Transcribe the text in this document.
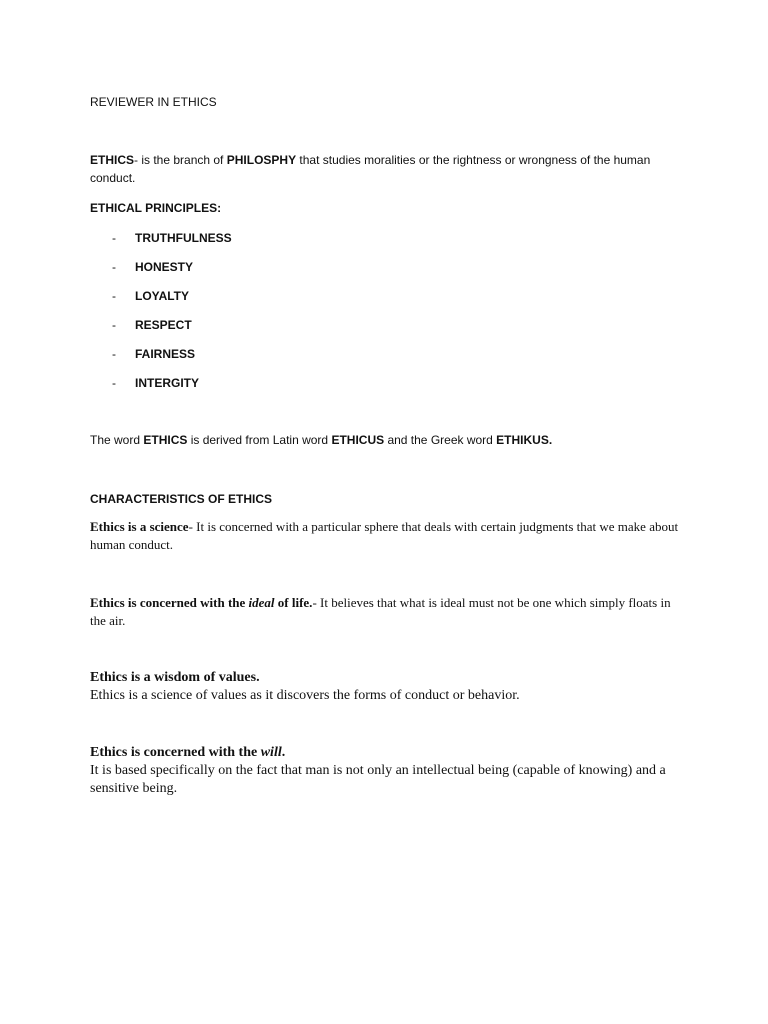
REVIEWER IN ETHICS
ETHICS- is the branch of PHILOSPHY that studies moralities or the rightness or wrongness of the human conduct.
ETHICAL PRINCIPLES:
- TRUTHFULNESS
- HONESTY
- LOYALTY
- RESPECT
- FAIRNESS
- INTERGITY
The word ETHICS is derived from Latin word ETHICUS and the Greek word ETHIKUS.
CHARACTERISTICS OF ETHICS
Ethics is a science- It is concerned with a particular sphere that deals with certain judgments that we make about human conduct.
Ethics is concerned with the ideal of life.- It believes that what is ideal must not be one which simply floats in the air.
Ethics is a wisdom of values.
Ethics is a science of values as it discovers the forms of conduct or behavior.
Ethics is concerned with the will.
It is based specifically on the fact that man is not only an intellectual being (capable of knowing) and a sensitive being.
